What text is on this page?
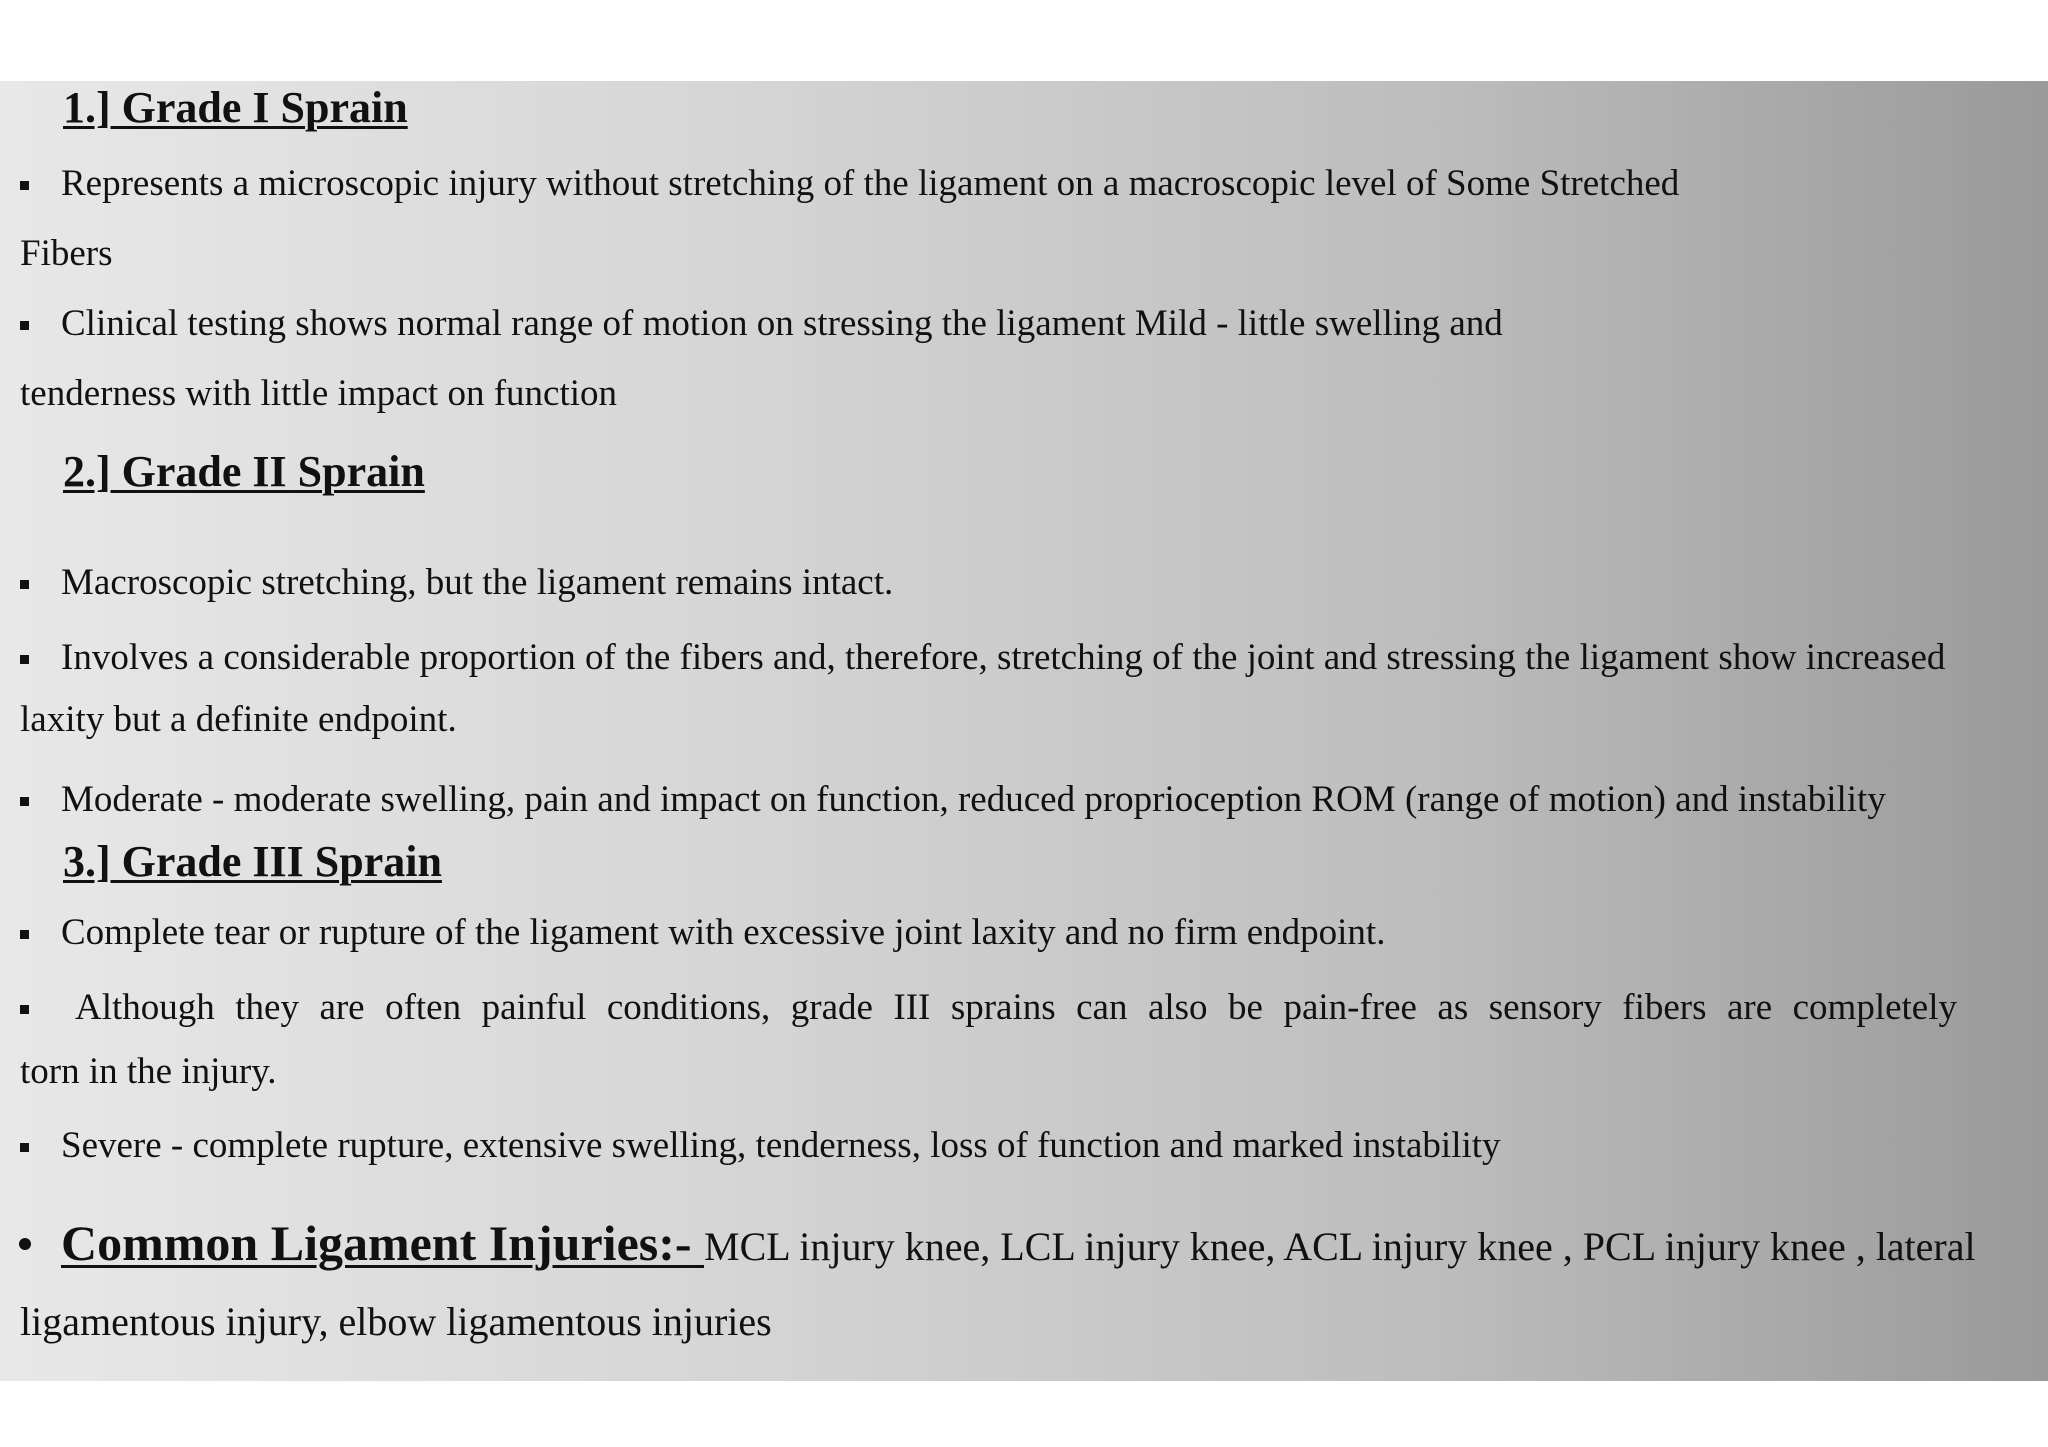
1.] Grade I Sprain
Represents a microscopic injury without stretching of the ligament on a macroscopic level of Some Stretched
Fibers
Clinical testing shows normal range of motion on stressing the ligament Mild - little swelling and
tenderness with little impact on function
2.] Grade II Sprain
Macroscopic stretching, but the ligament remains intact.
Involves a considerable proportion of the fibers and, therefore, stretching of the joint and stressing the ligament show increased
laxity but a definite endpoint.
Moderate - moderate swelling, pain and impact on function, reduced proprioception ROM (range of motion) and instability
3.] Grade III Sprain
Complete tear or rupture of the ligament with excessive joint laxity and no firm endpoint.
Although they are often painful conditions, grade III sprains can also be pain-free as sensory fibers are completely
torn in the injury.
Severe - complete rupture, extensive swelling, tenderness, loss of function and marked instability
Common Ligament Injuries:- MCL injury knee, LCL injury knee, ACL injury knee , PCL injury knee , lateral
ligamentous injury, elbow ligamentous injuries
